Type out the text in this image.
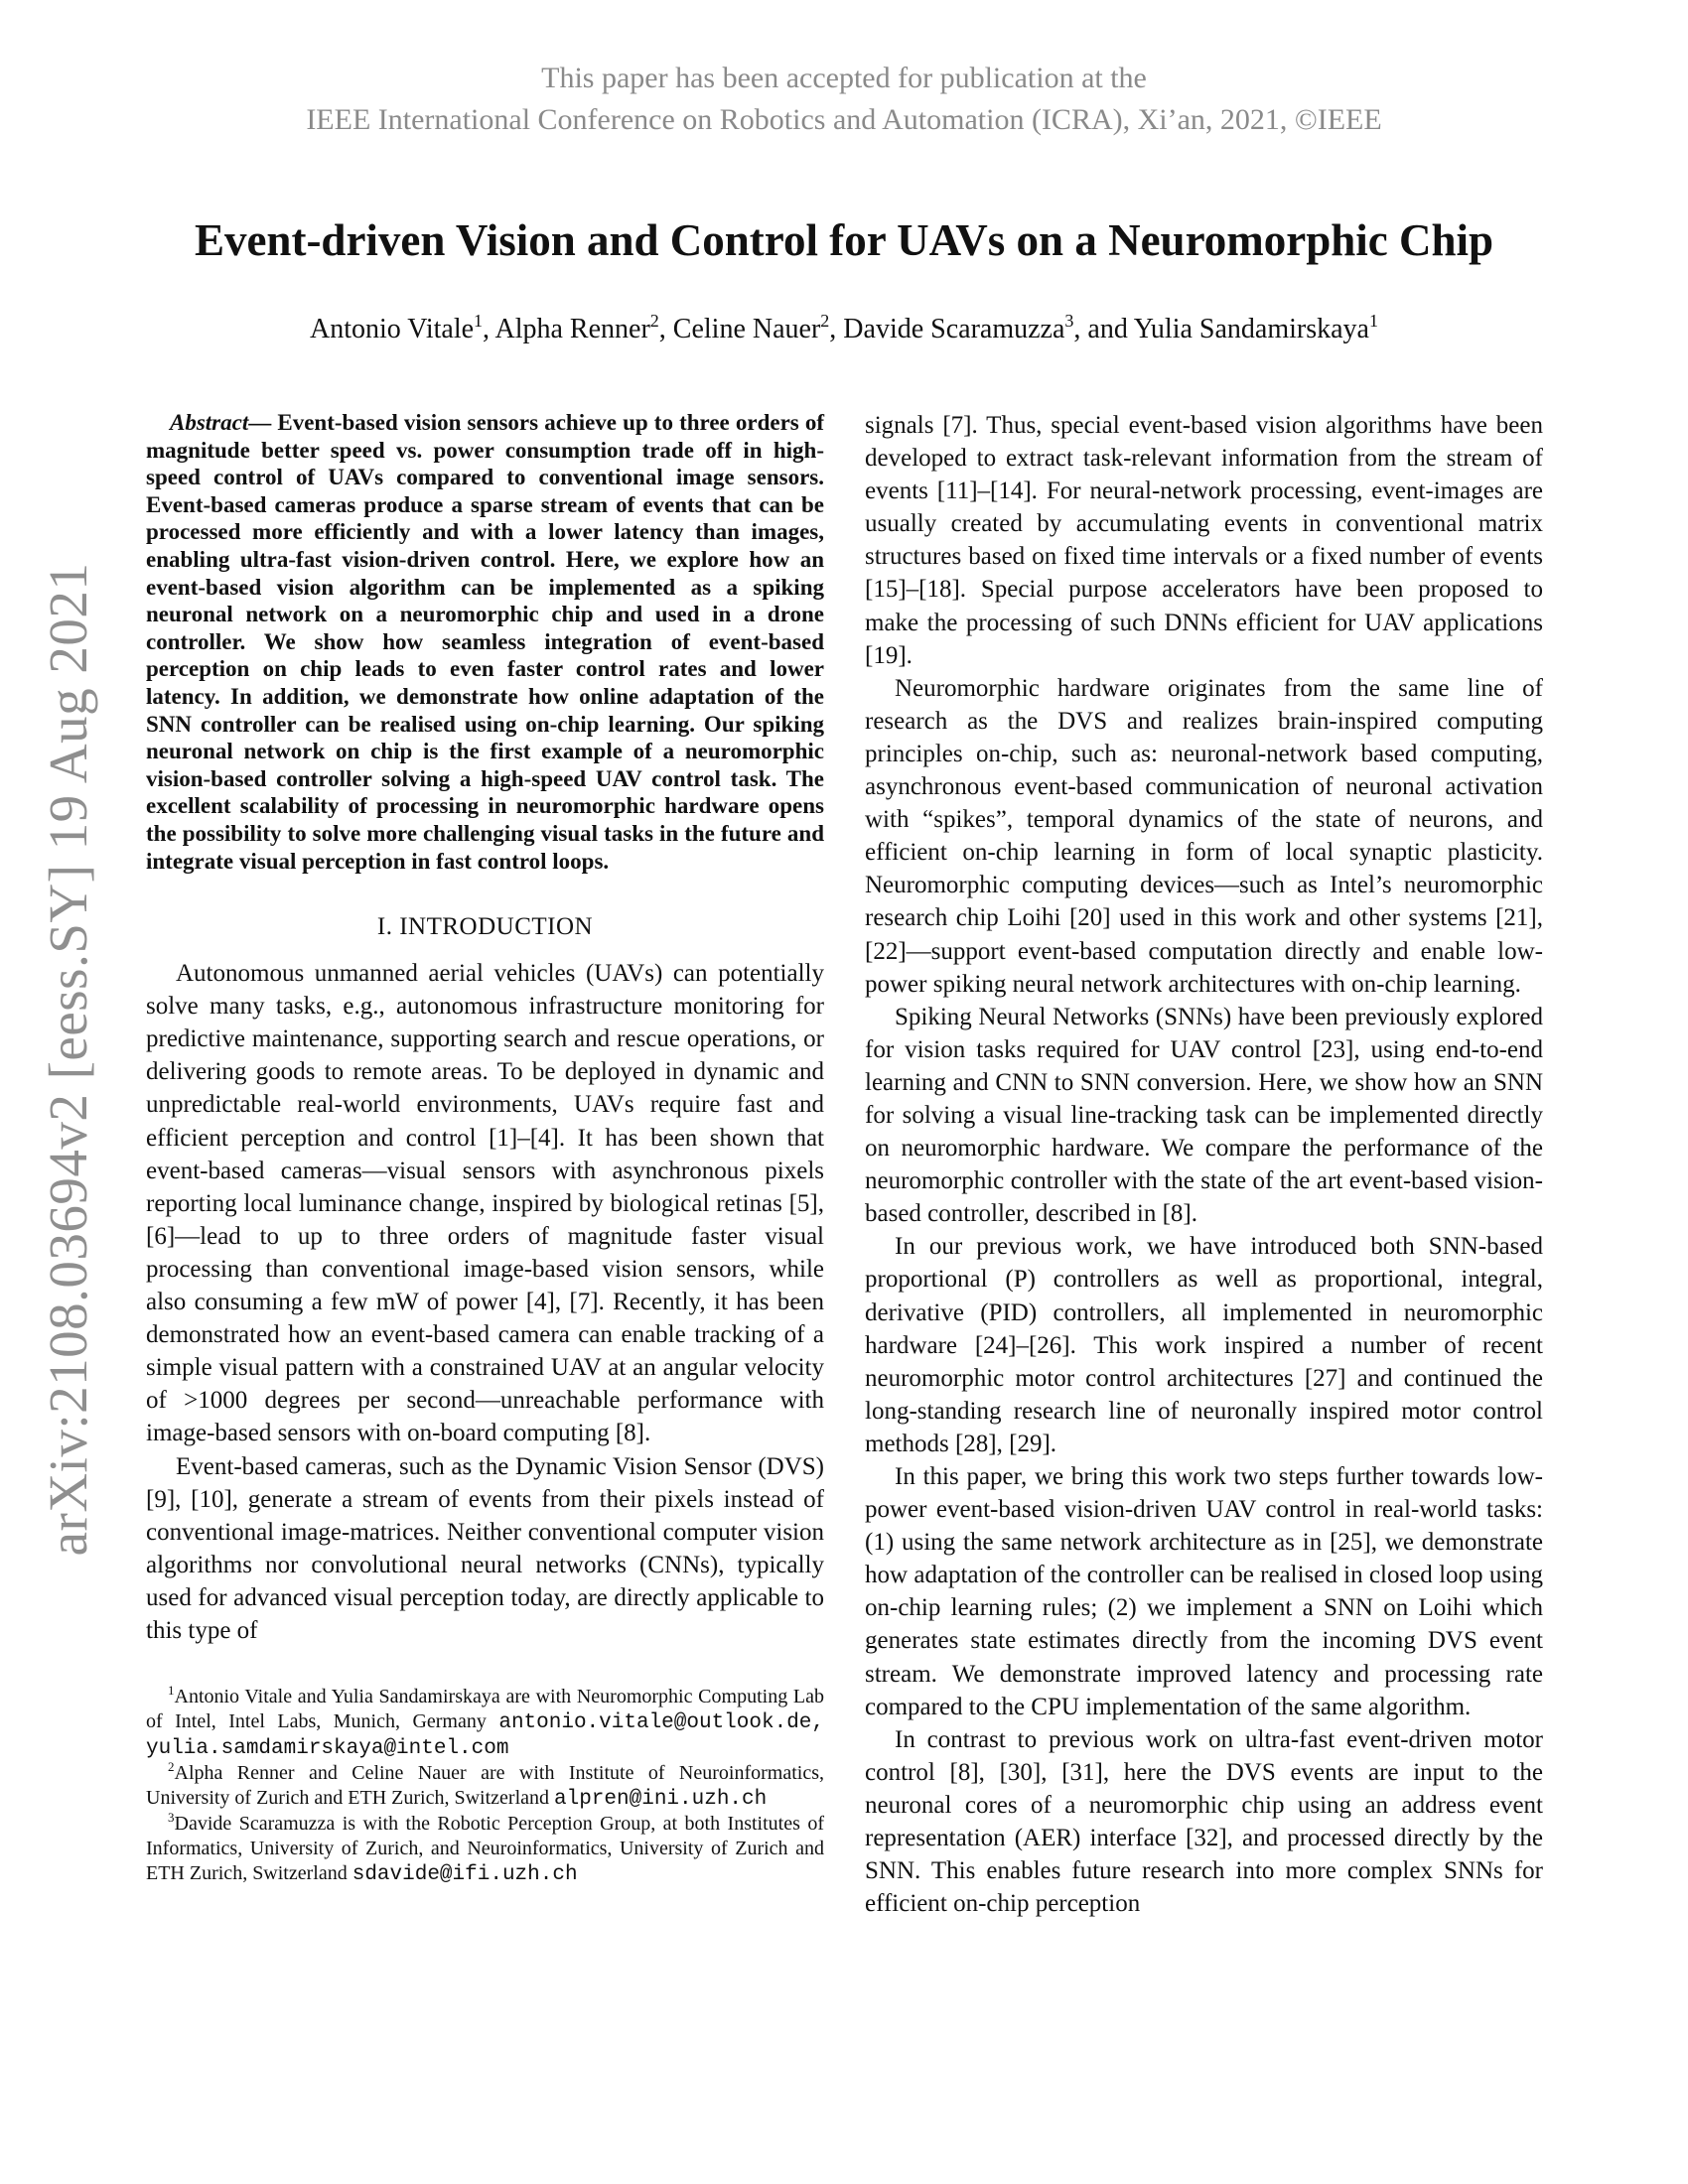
This paper has been accepted for publication at the
IEEE International Conference on Robotics and Automation (ICRA), Xi’an, 2021, ©IEEE
arXiv:2108.03694v2 [eess.SY] 19 Aug 2021
Event-driven Vision and Control for UAVs on a Neuromorphic Chip
Antonio Vitale$^1$, Alpha Renner$^2$, Celine Nauer$^2$, Davide Scaramuzza$^3$, and Yulia Sandamirskaya$^1$

Abstract— Event-based vision sensors achieve up to three orders of magnitude better speed vs. power consumption trade off in high-speed control of UAVs compared to conventional image sensors. Event-based cameras produce a sparse stream of events that can be processed more efficiently and with a lower latency than images, enabling ultra-fast vision-driven control. Here, we explore how an event-based vision algorithm can be implemented as a spiking neuronal network on a neuromorphic chip and used in a drone controller. We show how seamless integration of event-based perception on chip leads to even faster control rates and lower latency. In addition, we demonstrate how online adaptation of the SNN controller can be realised using on-chip learning. Our spiking neuronal network on chip is the first example of a neuromorphic vision-based controller solving a high-speed UAV control task. The excellent scalability of processing in neuromorphic hardware opens the possibility to solve more challenging visual tasks in the future and integrate visual perception in fast control loops.

I. INTRODUCTION

Autonomous unmanned aerial vehicles (UAVs) can potentially solve many tasks, e.g., autonomous infrastructure monitoring for predictive maintenance, supporting search and rescue operations, or delivering goods to remote areas. To be deployed in dynamic and unpredictable real-world environments, UAVs require fast and efficient perception and control [1]–[4]. It has been shown that event-based cameras—visual sensors with asynchronous pixels reporting local luminance change, inspired by biological retinas [5], [6]—lead to up to three orders of magnitude faster visual processing than conventional image-based vision sensors, while also consuming a few mW of power [4], [7]. Recently, it has been demonstrated how an event-based camera can enable tracking of a simple visual pattern with a constrained UAV at an angular velocity of >1000 degrees per second—unreachable performance with image-based sensors with on-board computing [8].

Event-based cameras, such as the Dynamic Vision Sensor (DVS) [9], [10], generate a stream of events from their pixels instead of conventional image-matrices. Neither conventional computer vision algorithms nor convolutional neural networks (CNNs), typically used for advanced visual perception today, are directly applicable to this type of

$^1$Antonio Vitale and Yulia Sandamirskaya are with Neuromorphic Computing Lab of Intel, Intel Labs, Munich, Germany antonio.vitale@outlook.de, yulia.samdamirskaya@intel.com

$^2$Alpha Renner and Celine Nauer are with Institute of Neuroinformatics, University of Zurich and ETH Zurich, Switzerland alpren@ini.uzh.ch

$^3$Davide Scaramuzza is with the Robotic Perception Group, at both Institutes of Informatics, University of Zurich, and Neuroinformatics, University of Zurich and ETH Zurich, Switzerland sdavide@ifi.uzh.ch

signals [7]. Thus, special event-based vision algorithms have been developed to extract task-relevant information from the stream of events [11]–[14]. For neural-network processing, event-images are usually created by accumulating events in conventional matrix structures based on fixed time intervals or a fixed number of events [15]–[18]. Special purpose accelerators have been proposed to make the processing of such DNNs efficient for UAV applications [19].

Neuromorphic hardware originates from the same line of research as the DVS and realizes brain-inspired computing principles on-chip, such as: neuronal-network based computing, asynchronous event-based communication of neuronal activation with “spikes”, temporal dynamics of the state of neurons, and efficient on-chip learning in form of local synaptic plasticity. Neuromorphic computing devices—such as Intel’s neuromorphic research chip Loihi [20] used in this work and other systems [21], [22]—support event-based computation directly and enable low-power spiking neural network architectures with on-chip learning.

Spiking Neural Networks (SNNs) have been previously explored for vision tasks required for UAV control [23], using end-to-end learning and CNN to SNN conversion. Here, we show how an SNN for solving a visual line-tracking task can be implemented directly on neuromorphic hardware. We compare the performance of the neuromorphic controller with the state of the art event-based vision-based controller, described in [8].

In our previous work, we have introduced both SNN-based proportional (P) controllers as well as proportional, integral, derivative (PID) controllers, all implemented in neuromorphic hardware [24]–[26]. This work inspired a number of recent neuromorphic motor control architectures [27] and continued the long-standing research line of neuronally inspired motor control methods [28], [29].

In this paper, we bring this work two steps further towards low-power event-based vision-driven UAV control in real-world tasks: (1) using the same network architecture as in [25], we demonstrate how adaptation of the controller can be realised in closed loop using on-chip learning rules; (2) we implement a SNN on Loihi which generates state estimates directly from the incoming DVS event stream. We demonstrate improved latency and processing rate compared to the CPU implementation of the same algorithm.

In contrast to previous work on ultra-fast event-driven motor control [8], [30], [31], here the DVS events are input to the neuronal cores of a neuromorphic chip using an address event representation (AER) interface [32], and processed directly by the SNN. This enables future research into more complex SNNs for efficient on-chip perception
